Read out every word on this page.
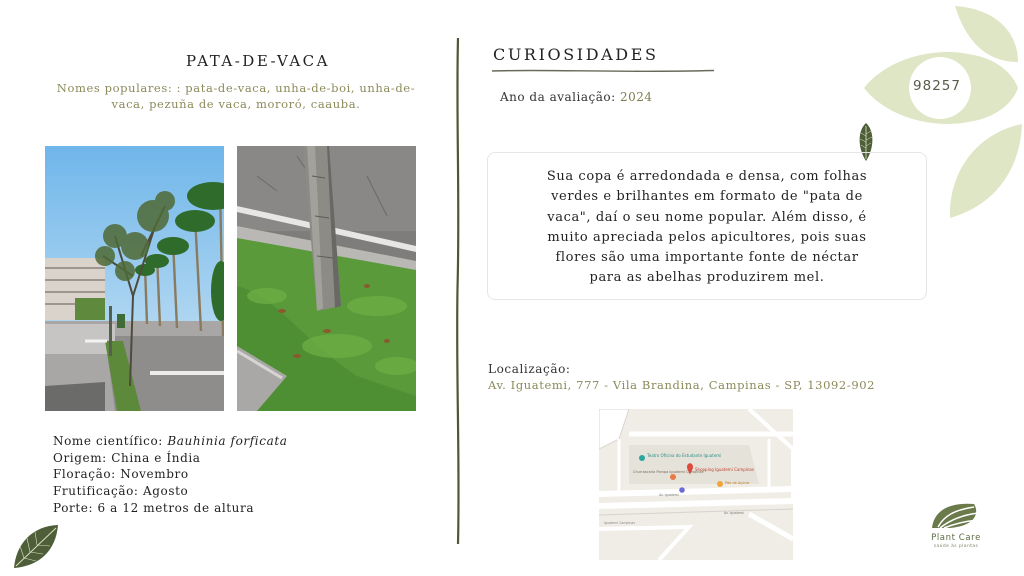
98257
PATA-DE-VACA
Nomes populares: : pata-de-vaca, unha-de-boi, unha-de-
vaca, pezuña de vaca, mororó, caauba.
Nome científico: Bauhinia forficata
Origem: China e Índia
Floração: Novembro
Frutificação: Agosto
Porte: 6 a 12 metros de altura
CURIOSIDADES
Ano da avaliação: 2024
Sua copa é arredondada e densa, com folhas
verdes e brilhantes em formato de "pata de
vaca", daí o seu nome popular. Além disso, é
muito apreciada pelos apicultores, pois suas
flores são uma importante fonte de néctar
para as abelhas produzirem mel.
Localização:
Av. Iguatemi, 777 - Vila Brandina, Campinas - SP, 13092-902
Teatro Oficina do Estudante Iguatemi
Shopping Iguatemi Campinas
Churrascaria Pampa Iguatemi Campinas
Pão de Açúcar
Av. Iguatemi
Av. Iguatemi
Iguatemi Campinas
Plant Care
saúde às plantas
